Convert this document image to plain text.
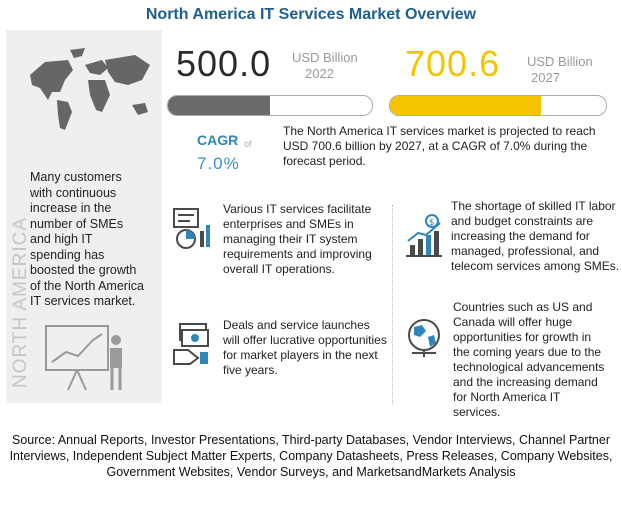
North America IT Services Market Overview
Many customers with continuous increase in the number of SMEs and high IT spending has boosted the growth of the North America IT services market.
NORTH AMERICA
500.0 USD Billion
2022 700.6 USD Billion
2027
CAGR of
7.0%
The North America IT services market is projected to reach USD 700.6 billion by 2027, at a CAGR of 7.0% during the forecast period.
$
Various IT services facilitate enterprises and SMEs in managing their IT system requirements and improving overall IT operations.
The shortage of skilled IT labor and budget constraints are increasing the demand for managed, professional, and telecom services among SMEs.
Deals and service launches will offer lucrative opportunities for market players in the next five years.
Countries such as US and Canada will offer huge opportunities for growth in the coming years due to the technological advancements and the increasing demand for North America IT services.
Source: Annual Reports, Investor Presentations, Third-party Databases, Vendor Interviews, Channel Partner Interviews, Independent Subject Matter Experts, Company Datasheets, Press Releases, Company Websites, Government Websites, Vendor Surveys, and MarketsandMarkets Analysis
